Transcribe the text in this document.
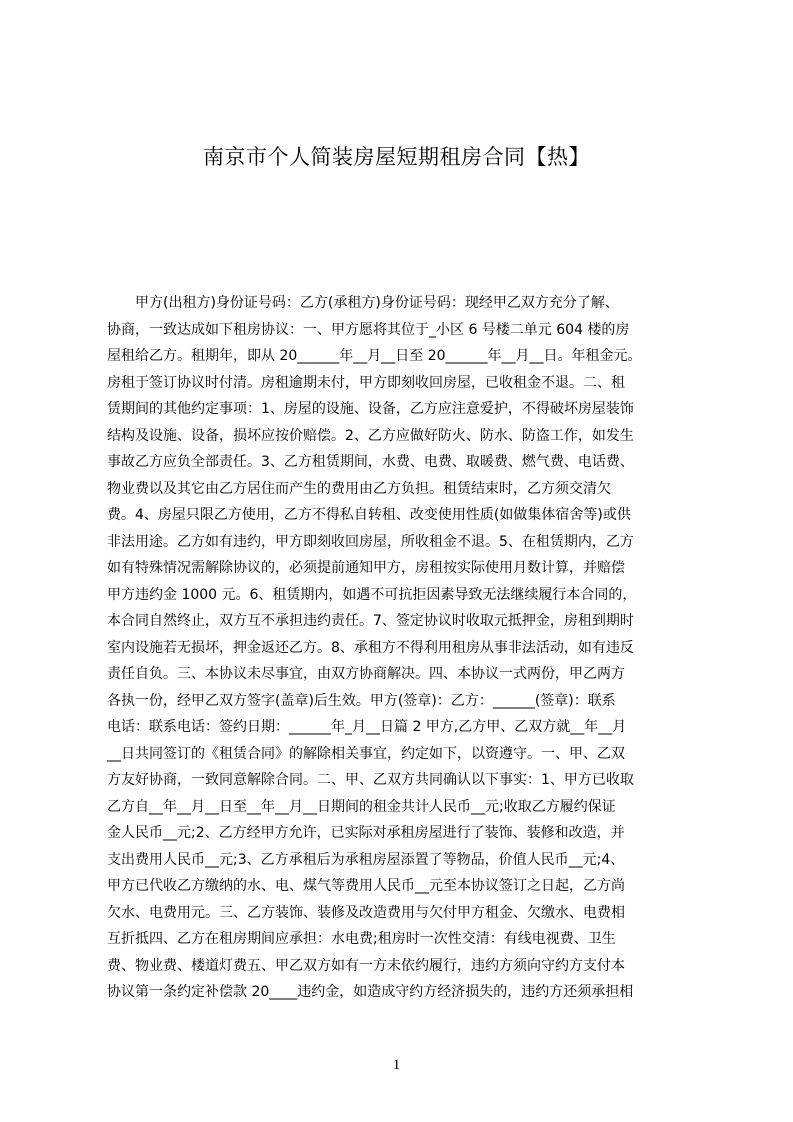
南京市个人简装房屋短期租房合同【热】
　　甲方(出租方)身份证号码：乙方(承租方)身份证号码：现经甲乙双方充分了解、
协商，一致达成如下租房协议：一、甲方愿将其位于_小区 6 号楼二单元 604 楼的房
屋租给乙方。租期年，即从 20______年__月__日至 20______年__月__日。年租金元。
房租于签订协议时付清。房租逾期未付，甲方即刻收回房屋，已收租金不退。二、租
赁期间的其他约定事项：1、房屋的设施、设备，乙方应注意爱护，不得破坏房屋装饰
结构及设施、设备，损坏应按价赔偿。2、乙方应做好防火、防水、防盗工作，如发生
事故乙方应负全部责任。3、乙方租赁期间，水费、电费、取暖费、燃气费、电话费、
物业费以及其它由乙方居住而产生的费用由乙方负担。租赁结束时，乙方须交清欠
费。4、房屋只限乙方使用，乙方不得私自转租、改变使用性质(如做集体宿舍等)或供
非法用途。乙方如有违约，甲方即刻收回房屋，所收租金不退。5、在租赁期内，乙方
如有特殊情况需解除协议的，必须提前通知甲方，房租按实际使用月数计算，并赔偿
甲方违约金 1000 元。6、租赁期内，如遇不可抗拒因素导致无法继续履行本合同的，
本合同自然终止，双方互不承担违约责任。7、签定协议时收取元抵押金，房租到期时
室内设施若无损坏，押金返还乙方。8、承租方不得利用租房从事非法活动，如有违反
责任自负。三、本协议未尽事宜，由双方协商解决。四、本协议一式两份，甲乙两方
各执一份，经甲乙双方签字(盖章)后生效。甲方(签章)：乙方：______(签章)：联系
电话：联系电话：签约日期：______年_月__日篇 2 甲方,乙方甲、乙双方就__年__月
__日共同签订的《租赁合同》的解除相关事宜，约定如下，以资遵守。一、甲、乙双
方友好协商，一致同意解除合同。二、甲、乙双方共同确认以下事实：1、甲方已收取
乙方自__年__月__日至__年__月__日期间的租金共计人民币__元;收取乙方履约保证
金人民币__元;2、乙方经甲方允许，已实际对承租房屋进行了装饰、装修和改造，并
支出费用人民币__元;3、乙方承租后为承租房屋添置了等物品，价值人民币__元;4、
甲方已代收乙方缴纳的水、电、煤气等费用人民币__元至本协议签订之日起，乙方尚
欠水、电费用元。三、乙方装饰、装修及改造费用与欠付甲方租金、欠缴水、电费相
互折抵四、乙方在租房期间应承担：水电费;租房时一次性交清：有线电视费、卫生
费、物业费、楼道灯费五、甲乙双方如有一方未依约履行，违约方须向守约方支付本
协议第一条约定补偿款 20____违约金，如造成守约方经济损失的，违约方还须承担相
1
